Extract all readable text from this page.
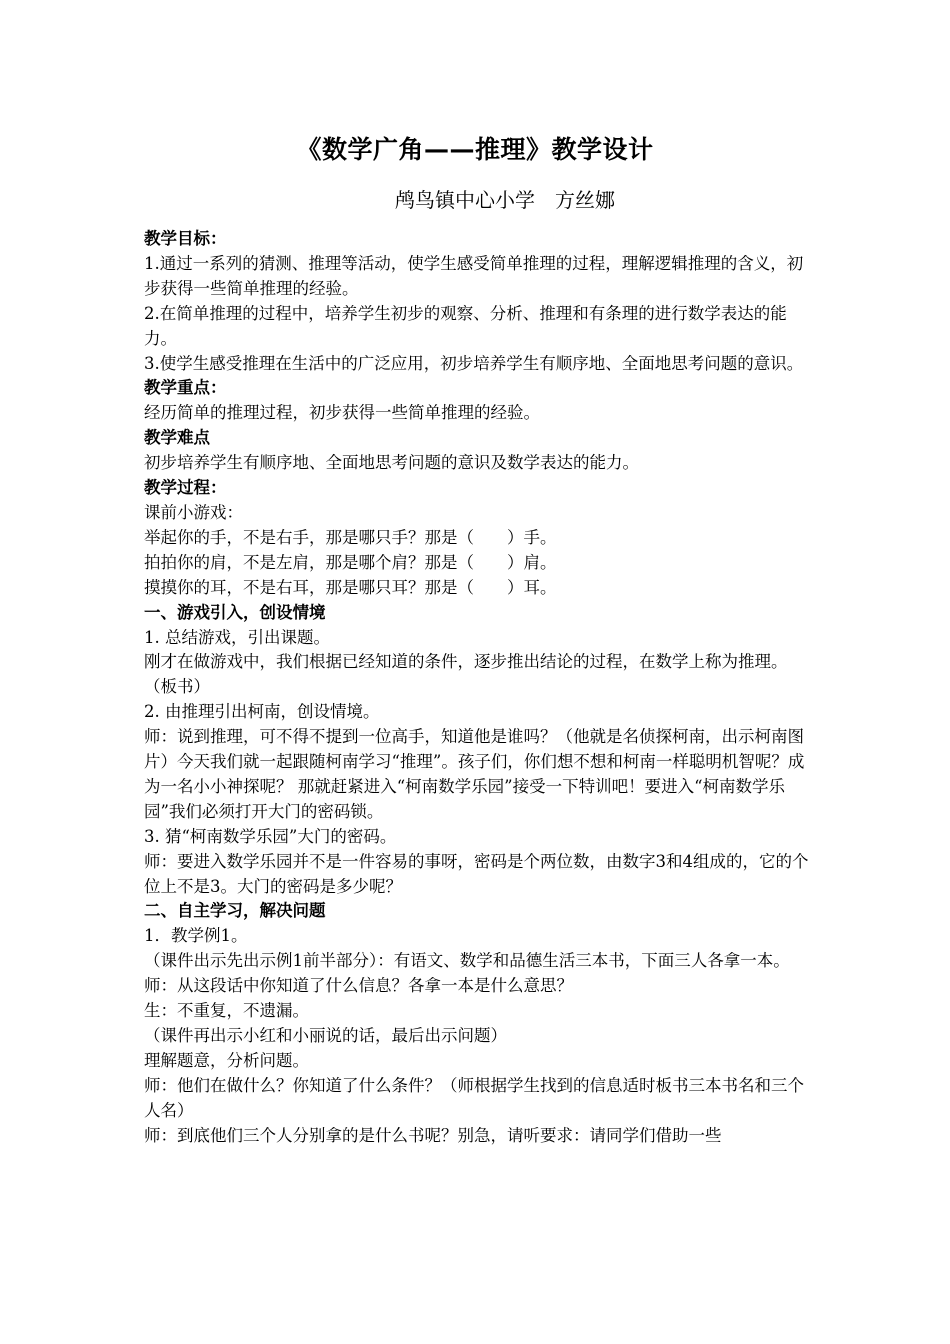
《数学广角——推理》教学设计
鸬鸟镇中心小学　方丝娜

教学目标：

1.通过一系列的猜测、推理等活动，使学生感受简单推理的过程，理解逻辑推理的含义，初步获得一些简单推理的经验。

2.在简单推理的过程中，培养学生初步的观察、分析、推理和有条理的进行数学表达的能力。

3.使学生感受推理在生活中的广泛应用，初步培养学生有顺序地、全面地思考问题的意识。

教学重点：

经历简单的推理过程，初步获得一些简单推理的经验。

教学难点

初步培养学生有顺序地、全面地思考问题的意识及数学表达的能力。

教学过程：

课前小游戏：

举起你的手，不是右手，那是哪只手？那是（　　）手。

拍拍你的肩，不是左肩，那是哪个肩？那是（　　）肩。

摸摸你的耳，不是右耳，那是哪只耳？那是（　　）耳。

一、游戏引入，创设情境

1. 总结游戏，引出课题。

刚才在做游戏中，我们根据已经知道的条件，逐步推出结论的过程，在数学上称为推理。（板书）

2. 由推理引出柯南，创设情境。

师：说到推理，可不得不提到一位高手，知道他是谁吗？（他就是名侦探柯南，出示柯南图片）今天我们就一起跟随柯南学习“推理”。孩子们，你们想不想和柯南一样聪明机智呢？成为一名小小神探呢？ 那就赶紧进入“柯南数学乐园”接受一下特训吧！要进入“柯南数学乐园”我们必须打开大门的密码锁。

3. 猜“柯南数学乐园”大门的密码。

师：要进入数学乐园并不是一件容易的事呀，密码是个两位数，由数字3和4组成的，它的个位上不是3。大门的密码是多少呢？

二、自主学习，解决问题

1．教学例1。

（课件出示先出示例1前半部分）：有语文、数学和品德生活三本书，下面三人各拿一本。

师：从这段话中你知道了什么信息？各拿一本是什么意思？

生：不重复，不遗漏。

（课件再出示小红和小丽说的话，最后出示问题）

理解题意，分析问题。

师：他们在做什么？你知道了什么条件？（师根据学生找到的信息适时板书三本书名和三个人名）

师：到底他们三个人分别拿的是什么书呢？别急，请听要求：请同学们借助一些
